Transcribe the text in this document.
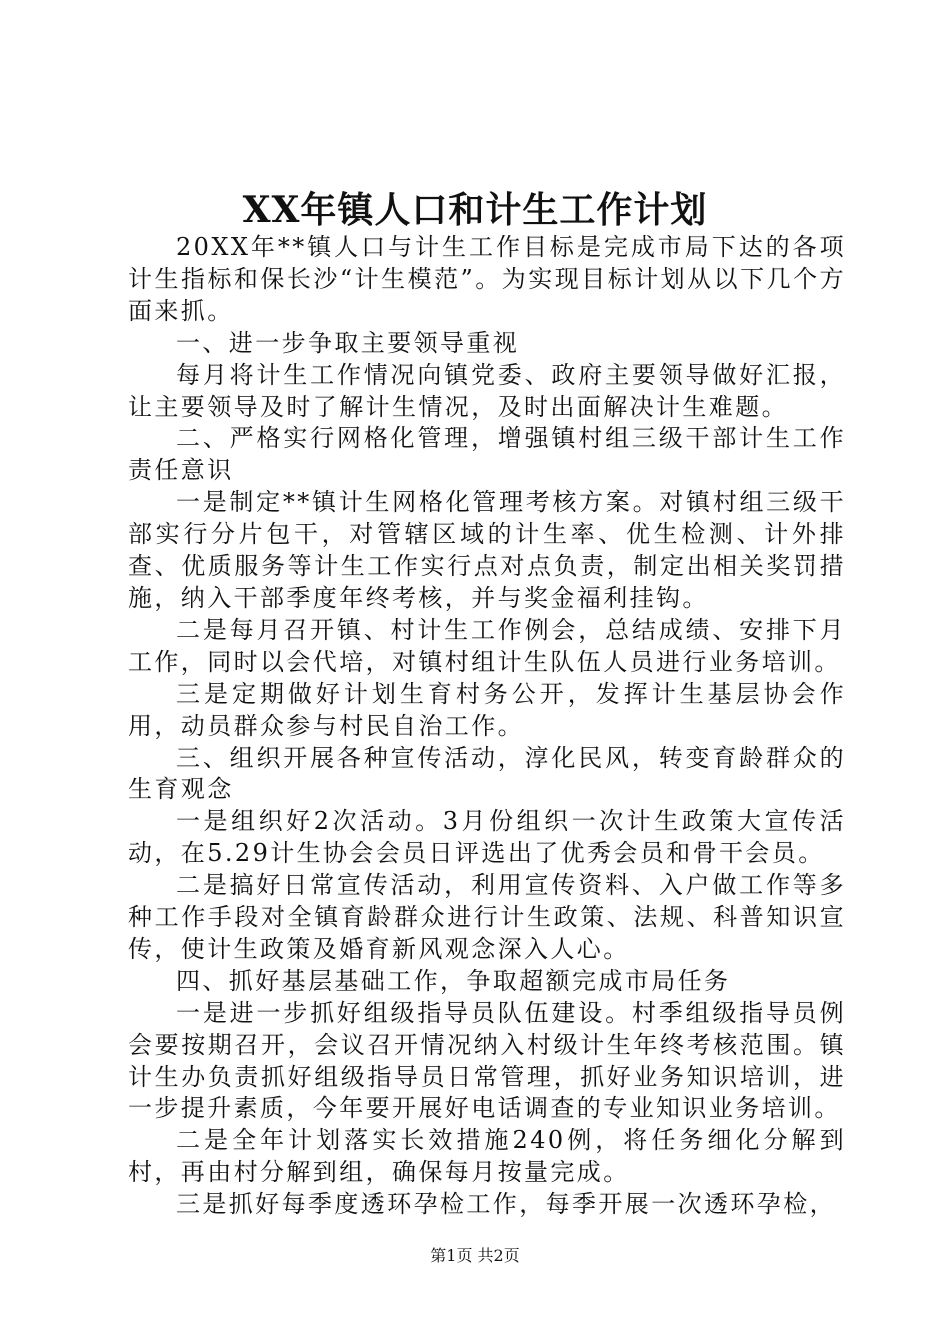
XX年镇人口和计生工作计划

20XX年**镇人口与计生工作目标是完成市局下达的各项计生指标和保长沙“计生模范”。为实现目标计划从以下几个方面来抓。

一、进一步争取主要领导重视

每月将计生工作情况向镇党委、政府主要领导做好汇报，让主要领导及时了解计生情况，及时出面解决计生难题。

二、严格实行网格化管理，增强镇村组三级干部计生工作责任意识

一是制定**镇计生网格化管理考核方案。对镇村组三级干部实行分片包干，对管辖区域的计生率、优生检测、计外排查、优质服务等计生工作实行点对点负责，制定出相关奖罚措施，纳入干部季度年终考核，并与奖金福利挂钩。

二是每月召开镇、村计生工作例会，总结成绩、安排下月工作，同时以会代培，对镇村组计生队伍人员进行业务培训。

三是定期做好计划生育村务公开，发挥计生基层协会作用，动员群众参与村民自治工作。

三、组织开展各种宣传活动，淳化民风，转变育龄群众的生育观念

一是组织好2次活动。3月份组织一次计生政策大宣传活动，在5.29计生协会会员日评选出了优秀会员和骨干会员。

二是搞好日常宣传活动，利用宣传资料、入户做工作等多种工作手段对全镇育龄群众进行计生政策、法规、科普知识宣传，使计生政策及婚育新风观念深入人心。

四、抓好基层基础工作，争取超额完成市局任务

一是进一步抓好组级指导员队伍建设。村季组级指导员例会要按期召开，会议召开情况纳入村级计生年终考核范围。镇计生办负责抓好组级指导员日常管理，抓好业务知识培训，进一步提升素质，今年要开展好电话调查的专业知识业务培训。

二是全年计划落实长效措施240例，将任务细化分解到村，再由村分解到组，确保每月按量完成。

三是抓好每季度透环孕检工作，每季开展一次透环孕检，

第1页 共2页
